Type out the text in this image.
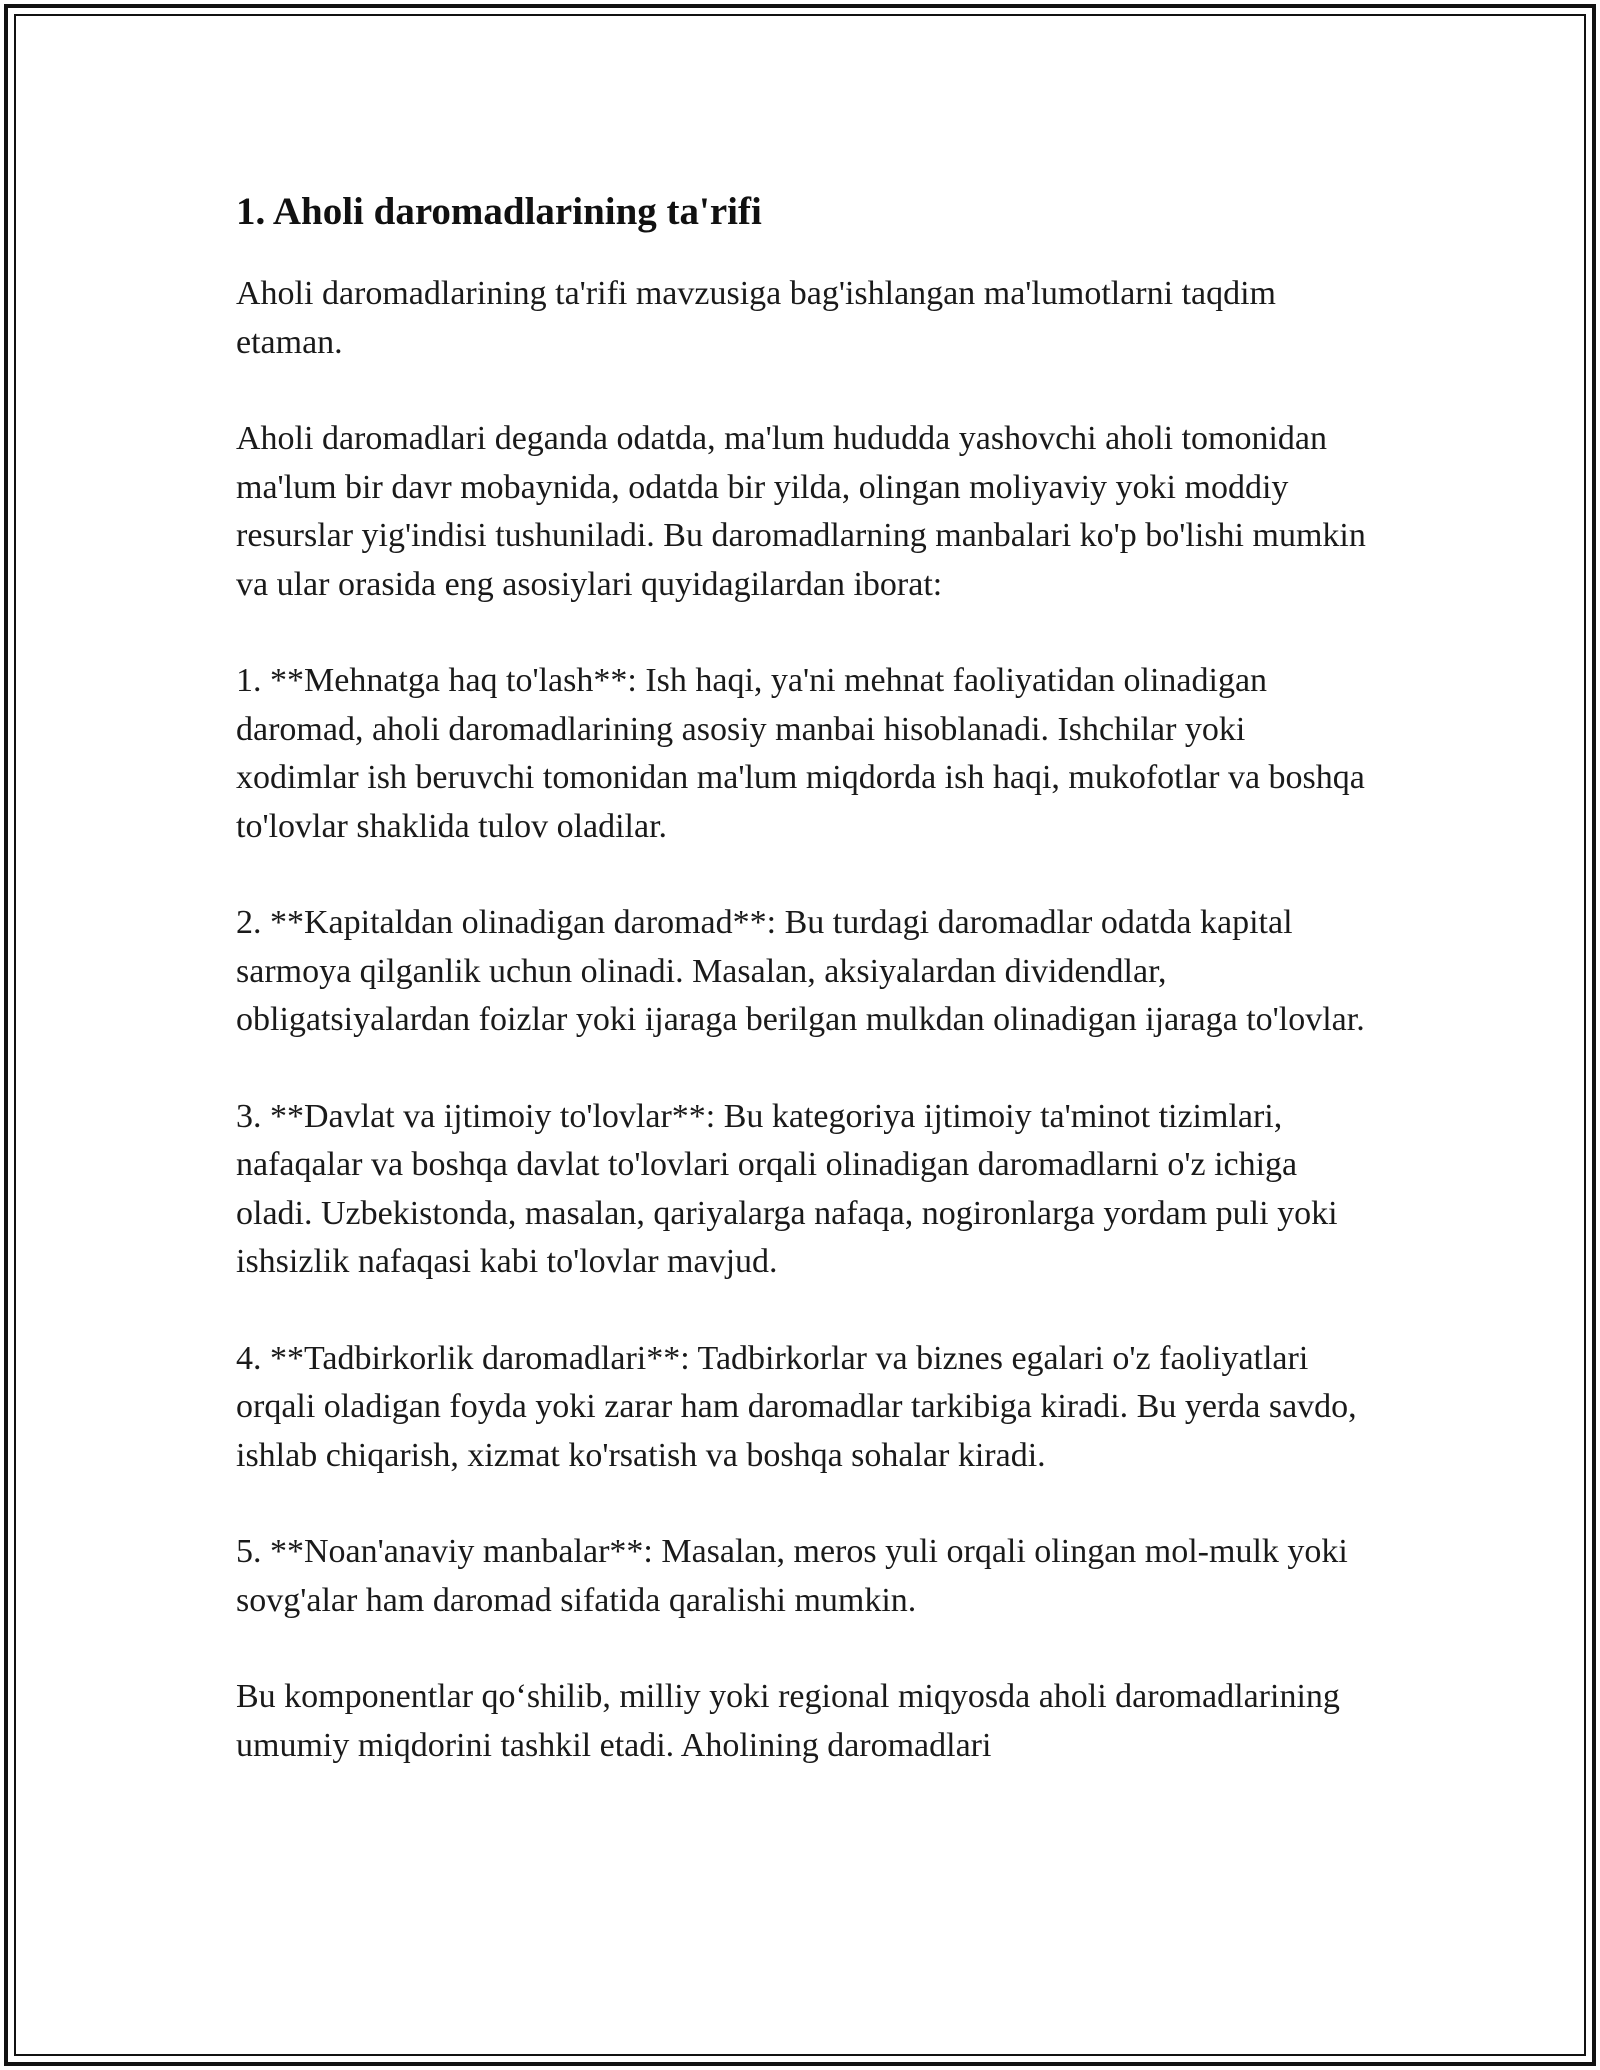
1. Aholi daromadlarining ta'rifi

Aholi daromadlarining ta'rifi mavzusiga bag'ishlangan ma'lumotlarni taqdim etaman.

Aholi daromadlari deganda odatda, ma'lum hududda yashovchi aholi tomonidan ma'lum bir davr mobaynida, odatda bir yilda, olingan moliyaviy yoki moddiy resurslar yig'indisi tushuniladi. Bu daromadlarning manbalari ko'p bo'lishi mumkin va ular orasida eng asosiylari quyidagilardan iborat:

1. **Mehnatga haq to'lash**: Ish haqi, ya'ni mehnat faoliyatidan olinadigan daromad, aholi daromadlarining asosiy manbai hisoblanadi. Ishchilar yoki xodimlar ish beruvchi tomonidan ma'lum miqdorda ish haqi, mukofotlar va boshqa to'lovlar shaklida tulov oladilar.

2. **Kapitaldan olinadigan daromad**: Bu turdagi daromadlar odatda kapital sarmoya qilganlik uchun olinadi. Masalan, aksiyalardan dividendlar, obligatsiyalardan foizlar yoki ijaraga berilgan mulkdan olinadigan ijaraga to'lovlar.

3. **Davlat va ijtimoiy to'lovlar**: Bu kategoriya ijtimoiy ta'minot tizimlari, nafaqalar va boshqa davlat to'lovlari orqali olinadigan daromadlarni o'z ichiga oladi. Uzbekistonda, masalan, qariyalarga nafaqa, nogironlarga yordam puli yoki ishsizlik nafaqasi kabi to'lovlar mavjud.

4. **Tadbirkorlik daromadlari**: Tadbirkorlar va biznes egalari o'z faoliyatlari orqali oladigan foyda yoki zarar ham daromadlar tarkibiga kiradi. Bu yerda savdo, ishlab chiqarish, xizmat ko'rsatish va boshqa sohalar kiradi.

5. **Noan'anaviy manbalar**: Masalan, meros yuli orqali olingan mol-mulk yoki sovg'alar ham daromad sifatida qaralishi mumkin.

Bu komponentlar qo‘shilib, milliy yoki regional miqyosda aholi daromadlarining umumiy miqdorini tashkil etadi. Aholining daromadlari
